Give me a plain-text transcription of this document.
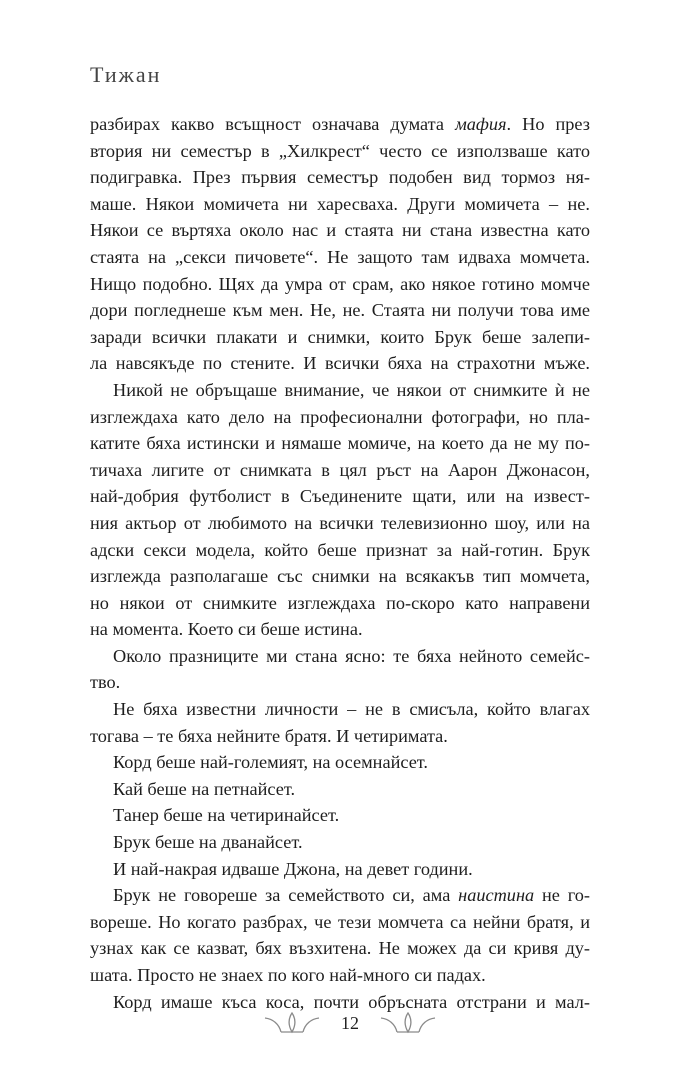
Тижан
разбирах какво всъщност означава думата мафия. Но през
втория ни семестър в „Хилкрест“ често се използваше като
подигравка. През първия семестър подобен вид тормоз ня-
маше. Някои момичета ни харесваха. Други момичета – не.
Някои се въртяха около нас и стаята ни стана известна като
стаята на „секси пичовете“. Не защото там идваха момчета.
Нищо подобно. Щях да умра от срам, ако някое готино момче
дори погледнеше към мен. Не, не. Стаята ни получи това име
заради всички плакати и снимки, които Брук беше залепи-
ла навсякъде по стените. И всички бяха на страхотни мъже.
Никой не обръщаше внимание, че някои от снимките ѝ не
изглеждаха като дело на професионални фотографи, но пла-
катите бяха истински и нямаше момиче, на което да не му по-
тичаха лигите от снимката в цял ръст на Аарон Джонасон,
най-добрия футболист в Съединените щати, или на извест-
ния актьор от любимото на всички телевизионно шоу, или на
адски секси модела, който беше признат за най-готин. Брук
изглежда разполагаше със снимки на всякакъв тип момчета,
но някои от снимките изглеждаха по-скоро като направени
на момента. Което си беше истина.
Около празниците ми стана ясно: те бяха нейното семейс-
тво.
Не бяха известни личности – не в смисъла, който влагах
тогава – те бяха нейните братя. И четиримата.
Корд беше най-големият, на осемнайсет.
Кай беше на петнайсет.
Танер беше на четиринайсет.
Брук беше на дванайсет.
И най-накрая идваше Джона, на девет години.
Брук не говореше за семейството си, ама наистина не го-
вореше. Но когато разбрах, че тези момчета са нейни братя, и
узнах как се казват, бях възхитена. Не можех да си кривя ду-
шата. Просто не знаех по кого най-много си падах.
Корд имаше къса коса, почти обръсната отстрани и мал-
12
